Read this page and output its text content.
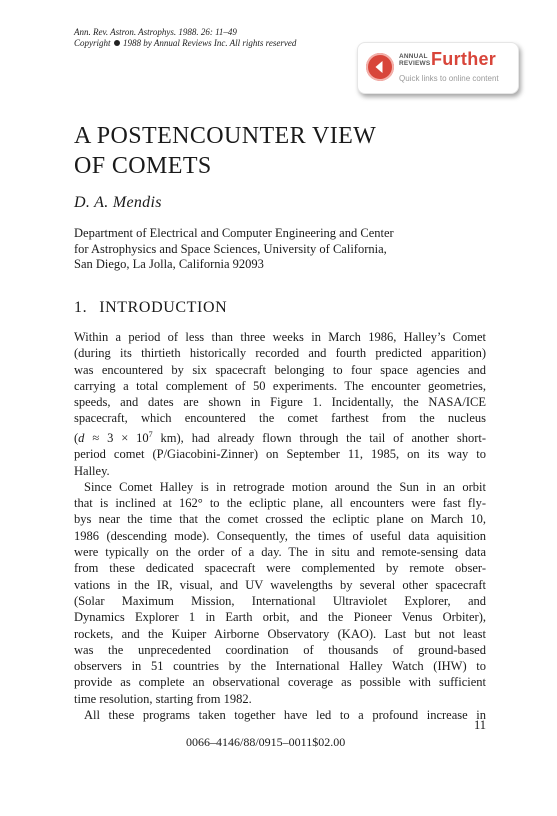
Ann. Rev. Astron. Astrophys. 1988. 26: 11–49
Copyright 1988 by Annual Reviews Inc. All rights reserved
ANNUAL
REVIEWS Further
Quick links to online content
A POSTENCOUNTER VIEW
OF COMETS
D. A. Mendis
Department of Electrical and Computer Engineering and Center
for Astrophysics and Space Sciences, University of California,
San Diego, La Jolla, California 92093
1. INTRODUCTION

Within a period of less than three weeks in March 1986, Halley’s Comet
(during its thirtieth historically recorded and fourth predicted apparition)
was encountered by six spacecraft belonging to four space agencies and
carrying a total complement of 50 experiments. The encounter geometries,
speeds, and dates are shown in Figure 1. Incidentally, the NASA/ICE
spacecraft, which encountered the comet farthest from the nucleus
($d \approx 3 \times 10^7$ km), had already flown through the tail of another short-
period comet (P/Giacobini-Zinner) on September 11, 1985, on its way to
Halley.

Since Comet Halley is in retrograde motion around the Sun in an orbit
that is inclined at 162° to the ecliptic plane, all encounters were fast fly-
bys near the time that the comet crossed the ecliptic plane on March 10,
1986 (descending mode). Consequently, the times of useful data aquisition
were typically on the order of a day. The in situ and remote-sensing data
from these dedicated spacecraft were complemented by remote obser-
vations in the IR, visual, and UV wavelengths by several other spacecraft
(Solar Maximum Mission, International Ultraviolet Explorer, and
Dynamics Explorer 1 in Earth orbit, and the Pioneer Venus Orbiter),
rockets, and the Kuiper Airborne Observatory (KAO). Last but not least
was the unprecedented coordination of thousands of ground-based
observers in 51 countries by the International Halley Watch (IHW) to
provide as complete an observational coverage as possible with sufficient
time resolution, starting from 1982.

All these programs taken together have led to a profound increase in

11
0066–4146/88/0915–0011$02.00
